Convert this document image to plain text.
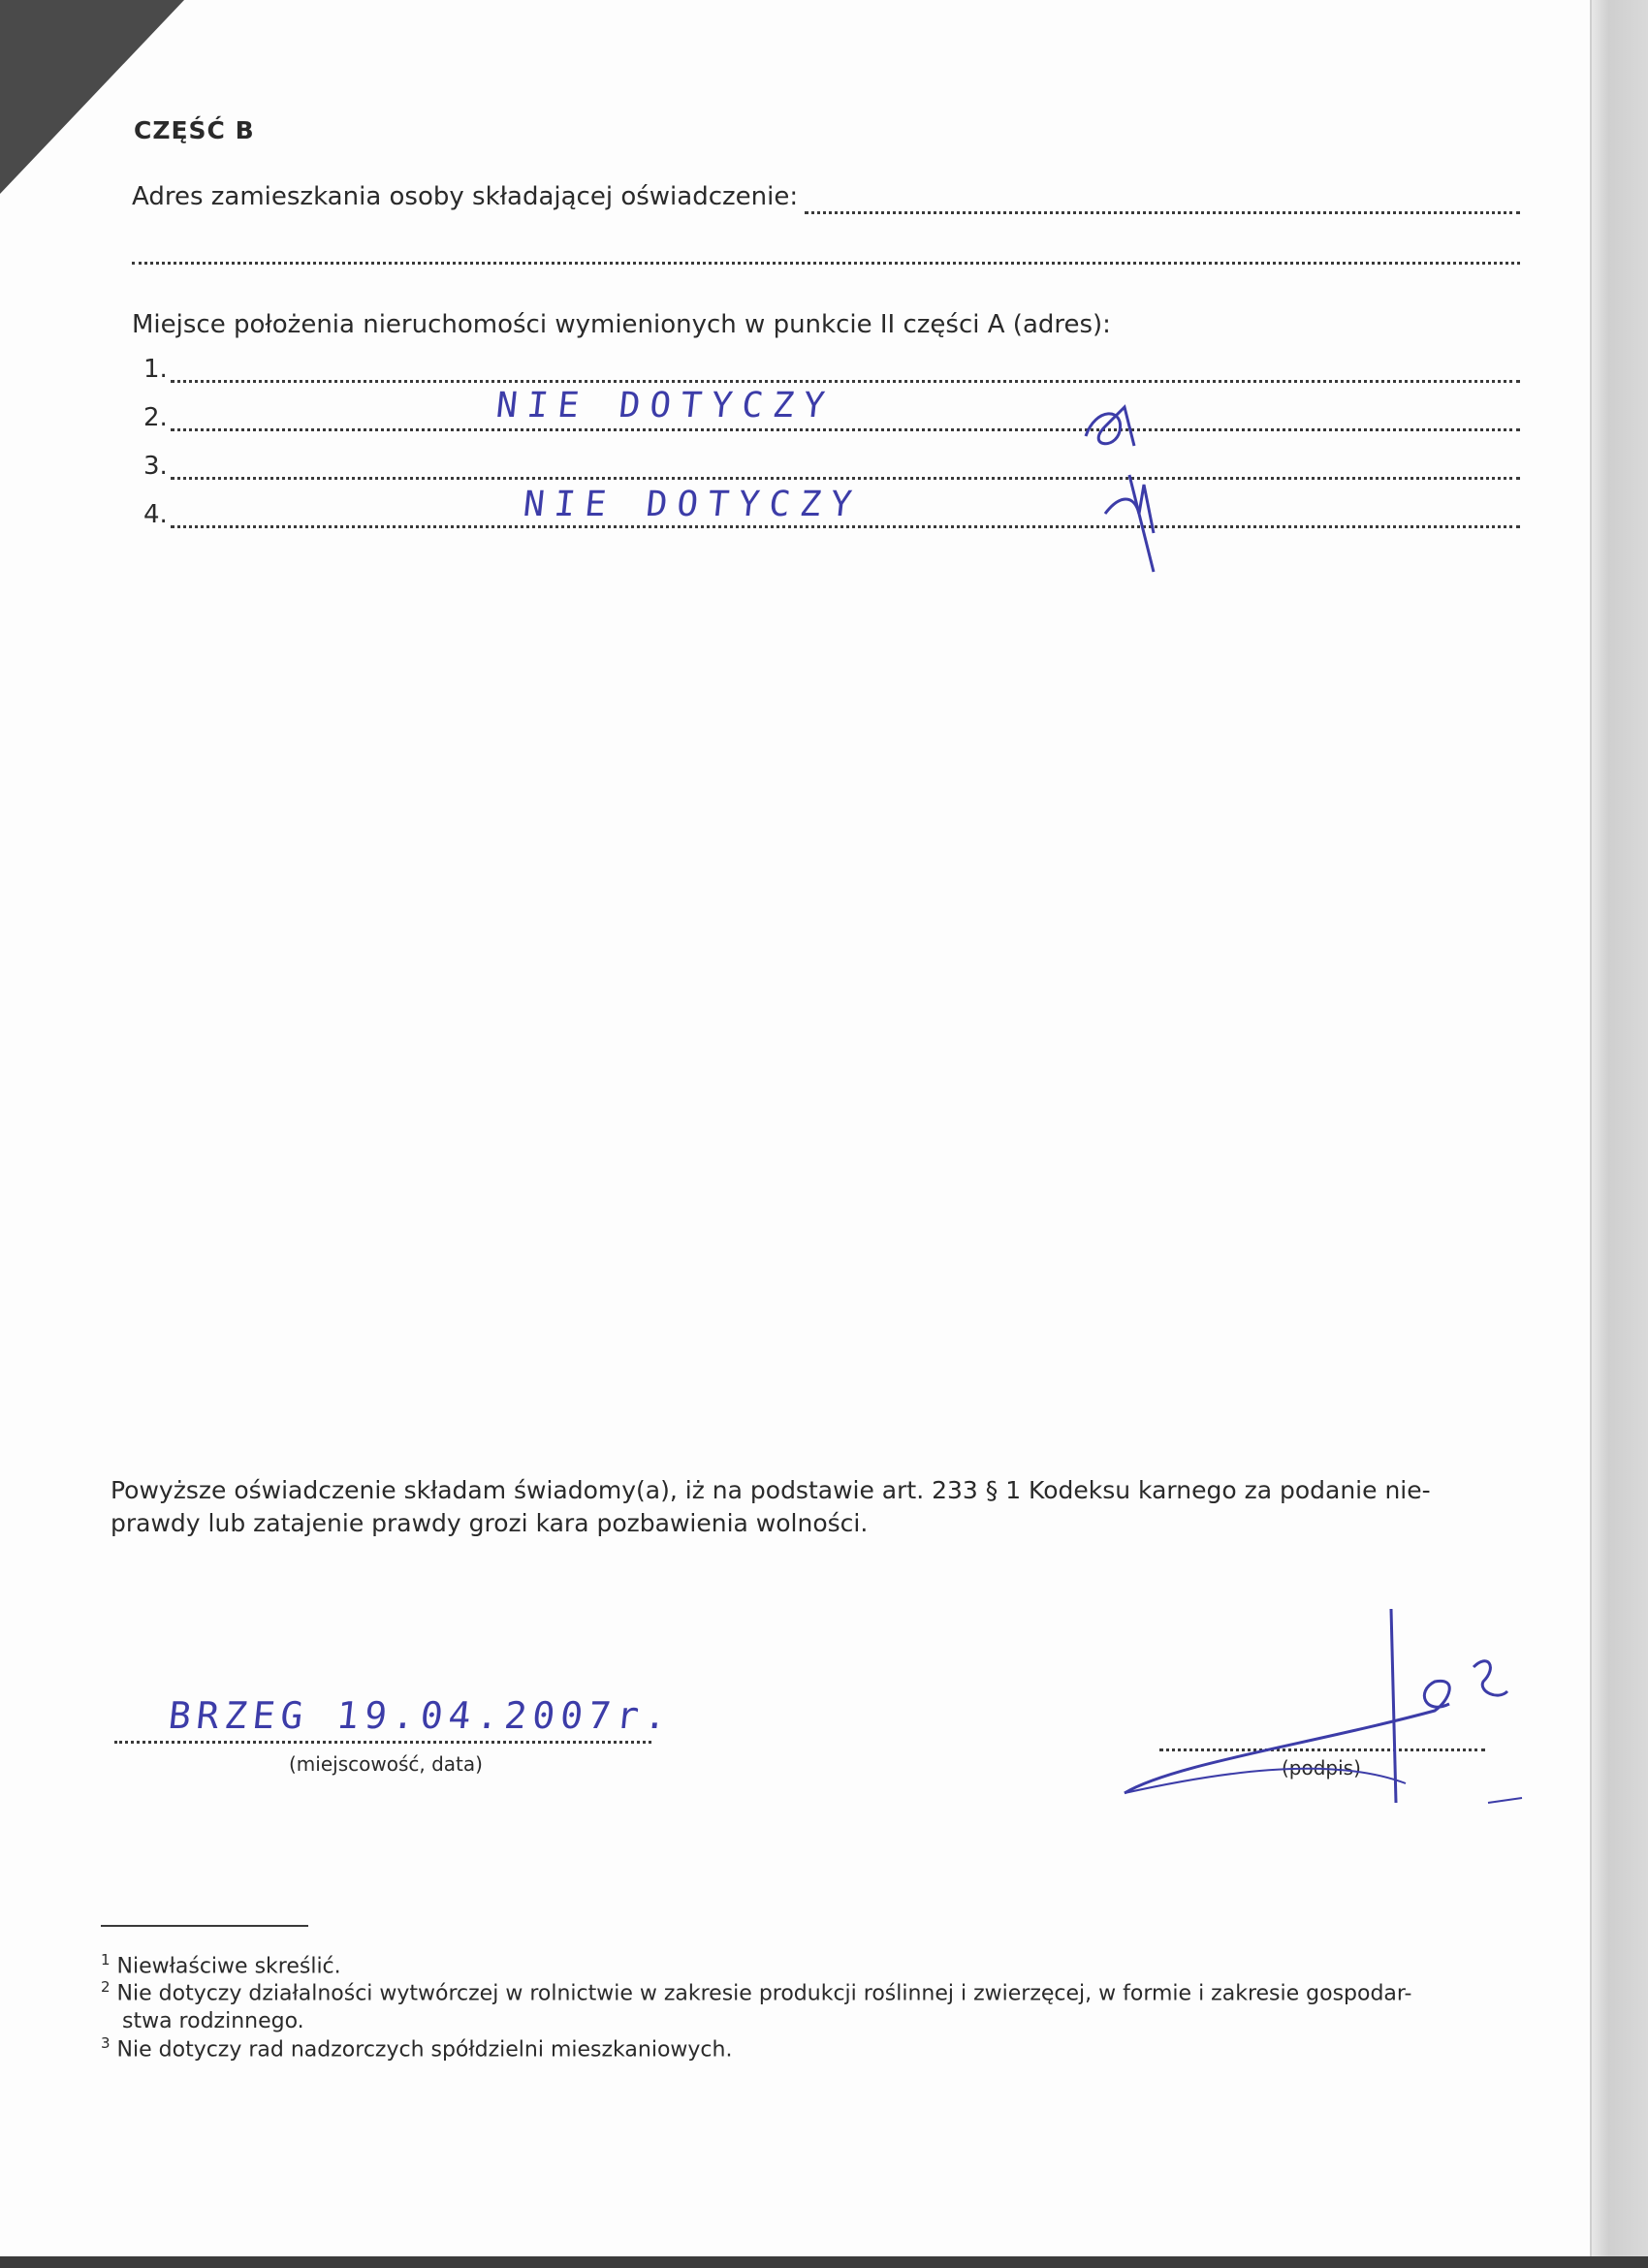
CZĘŚĆ B
Adres zamieszkania osoby składającej oświadczenie:
Miejsce położenia nieruchomości wymienionych w punkcie II części A (adres):
1.
2.	NIE DOTYCZY
3.
4.	NIE DOTYCZY
Powyższe oświadczenie składam świadomy(a), iż na podstawie art. 233 § 1 Kodeksu karnego za podanie nie-
prawdy lub zatajenie prawdy grozi kara pozbawienia wolności.
BRZEG 19.04.2007r.
(miejscowość, data)	(podpis)
$^1$ Niewłaściwe skreślić.
$^2$ Nie dotyczy działalności wytwórczej w rolnictwie w zakresie produkcji roślinnej i zwierzęcej, w formie i zakresie gospodar-
stwa rodzinnego.
$^3$ Nie dotyczy rad nadzorczych spółdzielni mieszkaniowych.
